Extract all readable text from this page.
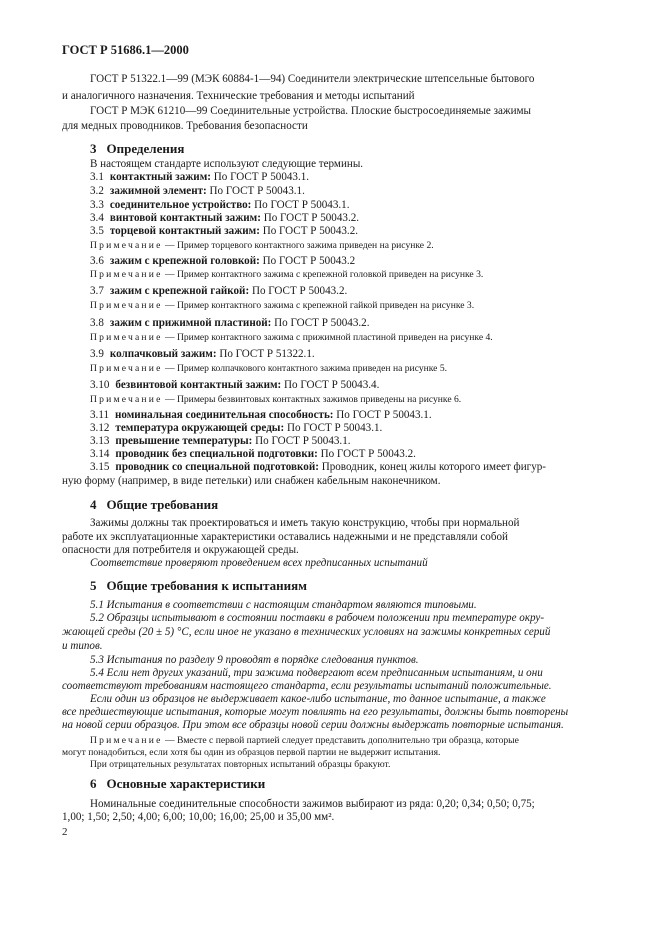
ГОСТ Р 51686.1—2000
ГОСТ Р 51322.1—99 (МЭК 60884-1—94) Соединители электрические штепсельные бытового
и аналогичного назначения. Технические требования и методы испытаний
ГОСТ Р МЭК 61210—99 Соединительные устройства. Плоские быстросоединяемые зажимы
для медных проводников. Требования безопасности
3 Определения
В настоящем стандарте используют следующие термины.
3.1 контактный зажим: По ГОСТ Р 50043.1.
3.2 зажимной элемент: По ГОСТ Р 50043.1.
3.3 соединительное устройство: По ГОСТ Р 50043.1.
3.4 винтовой контактный зажим: По ГОСТ Р 50043.2.
3.5 торцевой контактный зажим: По ГОСТ Р 50043.2.
Примечание — Пример торцевого контактного зажима приведен на рисунке 2.
3.6 зажим с крепежной головкой: По ГОСТ Р 50043.2
Примечание — Пример контактного зажима с крепежной головкой приведен на рисунке 3.
3.7 зажим с крепежной гайкой: По ГОСТ Р 50043.2.
Примечание — Пример контактного зажима с крепежной гайкой приведен на рисунке 3.
3.8 зажим с прижимной пластиной: По ГОСТ Р 50043.2.
Примечание — Пример контактного зажима с прижимной пластиной приведен на рисунке 4.
3.9 колпачковый зажим: По ГОСТ Р 51322.1.
Примечание — Пример колпачкового контактного зажима приведен на рисунке 5.
3.10 безвинтовой контактный зажим: По ГОСТ Р 50043.4.
Примечание — Примеры безвинтовых контактных зажимов приведены на рисунке 6.
3.11 номинальная соединительная способность: По ГОСТ Р 50043.1.
3.12 температура окружающей среды: По ГОСТ Р 50043.1.
3.13 превышение температуры: По ГОСТ Р 50043.1.
3.14 проводник без специальной подготовки: По ГОСТ Р 50043.2.
3.15 проводник со специальной подготовкой: Проводник, конец жилы которого имеет фигур-
ную форму (например, в виде петельки) или снабжен кабельным наконечником.
4 Общие требования
Зажимы должны так проектироваться и иметь такую конструкцию, чтобы при нормальной
работе их эксплуатационные характеристики оставались надежными и не представляли собой
опасности для потребителя и окружающей среды.
Соответствие проверяют проведением всех предписанных испытаний
5 Общие требования к испытаниям
5.1 Испытания в соответствии с настоящим стандартом являются типовыми.
5.2 Образцы испытывают в состоянии поставки в рабочем положении при температуре окру-
жающей среды (20 ± 5) °С, если иное не указано в технических условиях на зажимы конкретных серий
и типов.
5.3 Испытания по разделу 9 проводят в порядке следования пунктов.
5.4 Если нет других указаний, три зажима подвергают всем предписанным испытаниям, и они
соответствуют требованиям настоящего стандарта, если результаты испытаний положительные.
Если один из образцов не выдерживает какое-либо испытание, то данное испытание, а также
все предшествующие испытания, которые могут повлиять на его результаты, должны быть повторены
на новой серии образцов. При этом все образцы новой серии должны выдержать повторные испытания.
Примечание — Вместе с первой партией следует представить дополнительно три образца, которые
могут понадобиться, если хотя бы один из образцов первой партии не выдержит испытания.
При отрицательных результатах повторных испытаний образцы бракуют.
6 Основные характеристики
Номинальные соединительные способности зажимов выбирают из ряда: 0,20; 0,34; 0,50; 0,75;
1,00; 1,50; 2,50; 4,00; 6,00; 10,00; 16,00; 25,00 и 35,00 мм².
2
